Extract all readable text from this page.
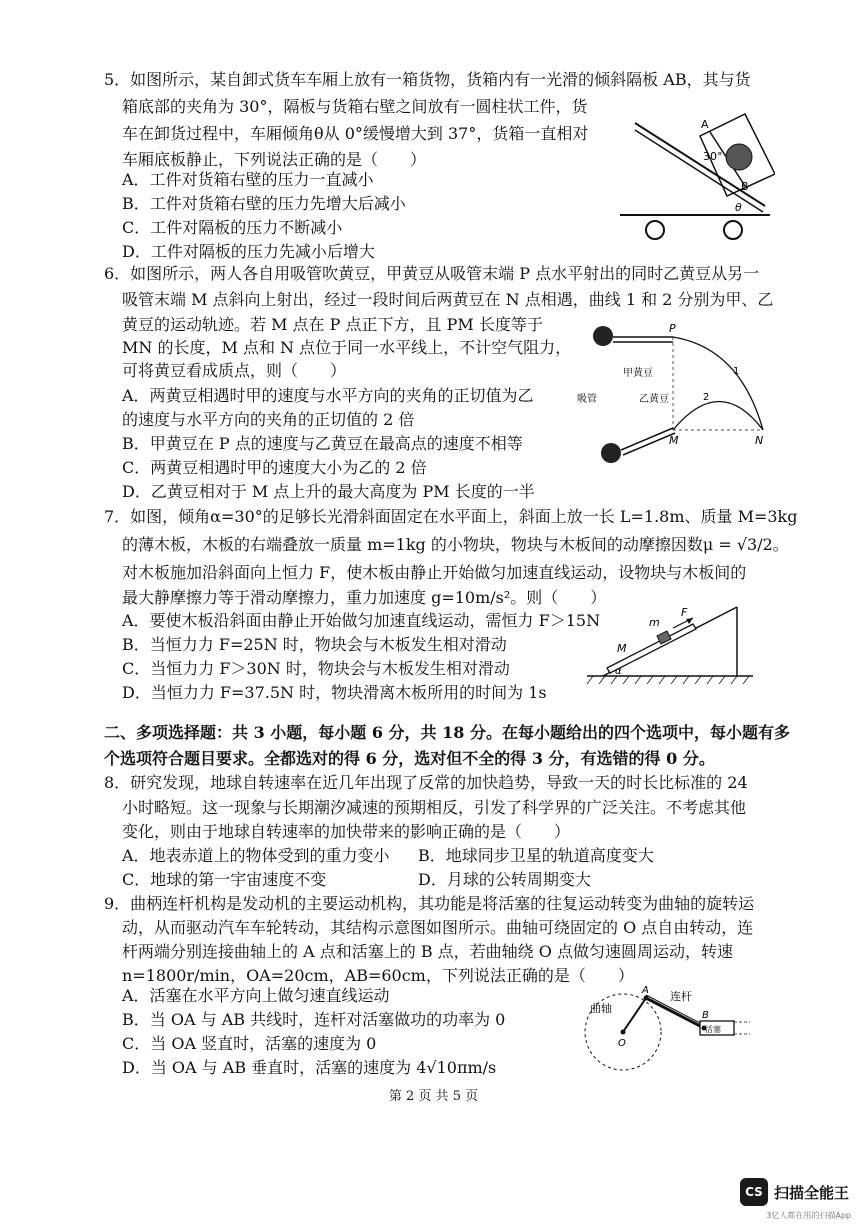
5．如图所示，某自卸式货车车厢上放有一箱货物，货箱内有一光滑的倾斜隔板 AB，其与货
箱底部的夹角为 30°，隔板与货箱右壁之间放有一圆柱状工件，货
车在卸货过程中，车厢倾角θ从 0°缓慢增大到 37°，货箱一直相对
车厢底板静止，下列说法正确的是（　　）
A．工件对货箱右壁的压力一直减小
B．工件对货箱右壁的压力先增大后减小
C．工件对隔板的压力不断减小
D．工件对隔板的压力先减小后增大
A
B
30°
θ
6．如图所示，两人各自用吸管吹黄豆，甲黄豆从吸管末端 P 点水平射出的同时乙黄豆从另一
吸管末端 M 点斜向上射出，经过一段时间后两黄豆在 N 点相遇，曲线 1 和 2 分别为甲、乙
黄豆的运动轨迹。若 M 点在 P 点正下方，且 PM 长度等于
MN 的长度，M 点和 N 点位于同一水平线上，不计空气阻力，
可将黄豆看成质点，则（　　）
A．两黄豆相遇时甲的速度与水平方向的夹角的正切值为乙
的速度与水平方向的夹角的正切值的 2 倍
B．甲黄豆在 P 点的速度与乙黄豆在最高点的速度不相等
C．两黄豆相遇时甲的速度大小为乙的 2 倍
D．乙黄豆相对于 M 点上升的最大高度为 PM 长度的一半
P
M	N
1
2
甲黄豆
乙黄豆
吸管
7．如图，倾角α=30°的足够长光滑斜面固定在水平面上，斜面上放一长 L=1.8m、质量 M=3kg
的薄木板，木板的右端叠放一质量 m=1kg 的小物块，物块与木板间的动摩擦因数μ = √3/2。
对木板施加沿斜面向上恒力 F，使木板由静止开始做匀加速直线运动，设物块与木板间的
最大静摩擦力等于滑动摩擦力，重力加速度 g=10m/s²。则（　　）
A．要使木板沿斜面由静止开始做匀加速直线运动，需恒力 F＞15N
B．当恒力力 F=25N 时，物块会与木板发生相对滑动
C．当恒力力 F＞30N 时，物块会与木板发生相对滑动
D．当恒力力 F=37.5N 时，物块滑离木板所用的时间为 1s
m
F
M
α
二、多项选择题：共 3 小题，每小题 6 分，共 18 分。在每小题给出的四个选项中，每小题有多
个选项符合题目要求。全都选对的得 6 分，选对但不全的得 3 分，有选错的得 0 分。
8．研究发现，地球自转速率在近几年出现了反常的加快趋势，导致一天的时长比标准的 24
小时略短。这一现象与长期潮汐减速的预期相反，引发了科学界的广泛关注。不考虑其他
变化，则由于地球自转速率的加快带来的影响正确的是（　　）
A．地表赤道上的物体受到的重力变小 B．地球同步卫星的轨道高度变大
C．地球的第一宇宙速度不变	D．月球的公转周期变大
9．曲柄连杆机构是发动机的主要运动机构，其功能是将活塞的往复运动转变为曲轴的旋转运
动，从而驱动汽车车轮转动，其结构示意图如图所示。曲轴可绕固定的 O 点自由转动，连
杆两端分别连接曲轴上的 A 点和活塞上的 B 点，若曲轴绕 O 点做匀速圆周运动，转速
n=1800r/min，OA=20cm，AB=60cm，下列说法正确的是（　　）
A．活塞在水平方向上做匀速直线运动
B．当 OA 与 AB 共线时，连杆对活塞做功的功率为 0
C．当 OA 竖直时，活塞的速度为 0
D．当 OA 与 AB 垂直时，活塞的速度为 4√10πm/s
曲轴
连杆
A
B
O
活塞
第 2 页 共 5 页
CS 扫描全能王
3亿人都在用的扫描App
